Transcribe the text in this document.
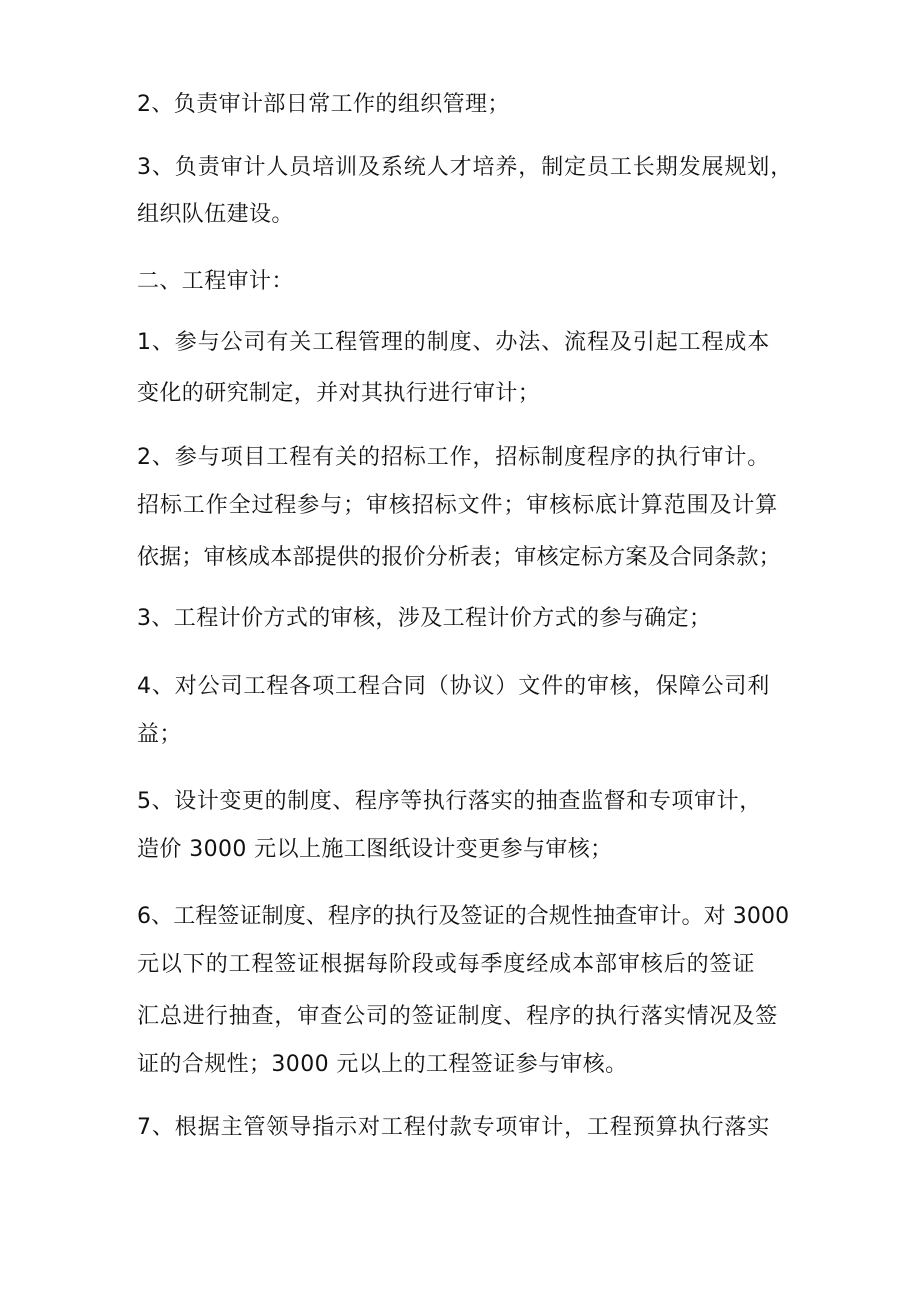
2、负责审计部日常工作的组织管理；
3、负责审计人员培训及系统人才培养，制定员工长期发展规划，
组织队伍建设。
二、工程审计：
1、参与公司有关工程管理的制度、办法、流程及引起工程成本
变化的研究制定，并对其执行进行审计；
2、参与项目工程有关的招标工作，招标制度程序的执行审计。
招标工作全过程参与；审核招标文件；审核标底计算范围及计算
依据；审核成本部提供的报价分析表；审核定标方案及合同条款；
3、工程计价方式的审核，涉及工程计价方式的参与确定；
4、对公司工程各项工程合同（协议）文件的审核，保障公司利
益；
5、设计变更的制度、程序等执行落实的抽查监督和专项审计，
造价 3000 元以上施工图纸设计变更参与审核；
6、工程签证制度、程序的执行及签证的合规性抽查审计。对 3000
元以下的工程签证根据每阶段或每季度经成本部审核后的签证
汇总进行抽查，审查公司的签证制度、程序的执行落实情况及签
证的合规性；3000 元以上的工程签证参与审核。
7、根据主管领导指示对工程付款专项审计，工程预算执行落实
